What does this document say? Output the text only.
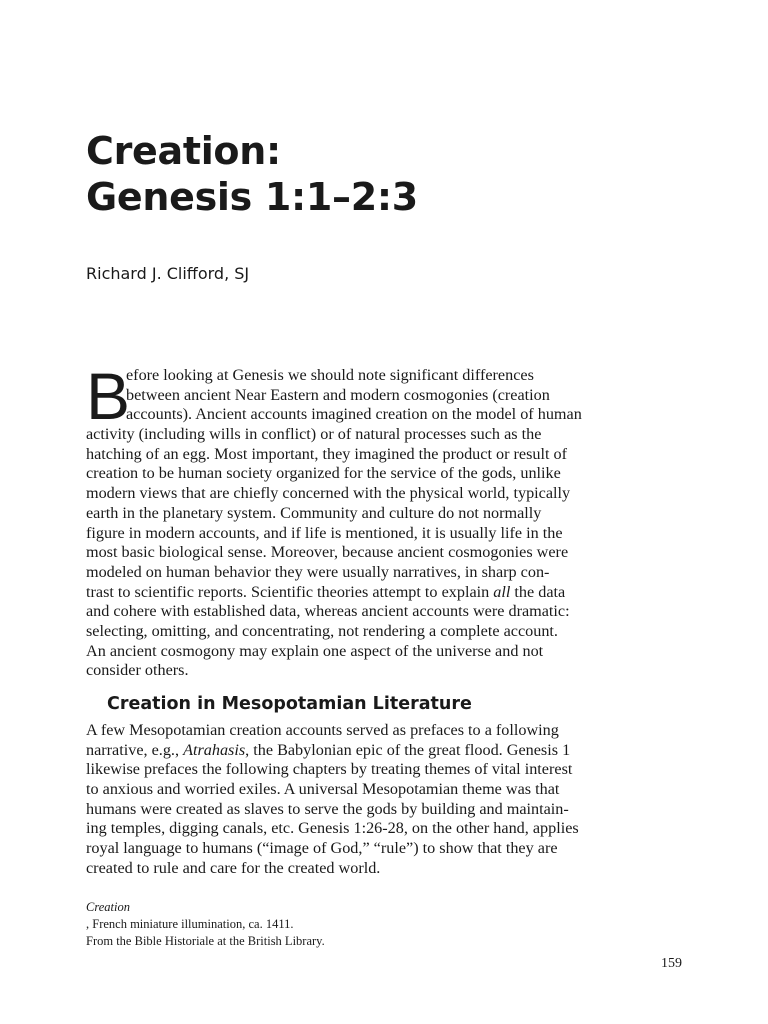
Creation:
Genesis 1:1–2:3
Richard J. Clifford, SJ
B
efore looking at Genesis we should note significant differences
between ancient Near Eastern and modern cosmogonies (creation
accounts). Ancient accounts imagined creation on the model of human
activity (including wills in conflict) or of natural processes such as the
hatching of an egg. Most important, they imagined the product or result of
creation to be human society organized for the service of the gods, unlike
modern views that are chiefly concerned with the physical world, typically
earth in the planetary system. Community and culture do not normally
figure in modern accounts, and if life is mentioned, it is usually life in the
most basic biological sense. Moreover, because ancient cosmogonies were
modeled on human behavior they were usually narratives, in sharp con-
trast to scientific reports. Scientific theories attempt to explain all the data
and cohere with established data, whereas ancient accounts were dramatic:
selecting, omitting, and concentrating, not rendering a complete account.
An ancient cosmogony may explain one aspect of the universe and not
consider others.
Creation in Mesopotamian Literature
A few Mesopotamian creation accounts served as prefaces to a following
narrative, e.g., Atrahasis, the Babylonian epic of the great flood. Genesis 1
likewise prefaces the following chapters by treating themes of vital interest
to anxious and worried exiles. A universal Mesopotamian theme was that
humans were created as slaves to serve the gods by building and maintain-
ing temples, digging canals, etc. Genesis 1:26-28, on the other hand, applies
royal language to humans (“image of God,” “rule”) to show that they are
created to rule and care for the created world.
Creation
, French miniature illumination, ca. 1411.
From the Bible Historiale at the British Library.
159
